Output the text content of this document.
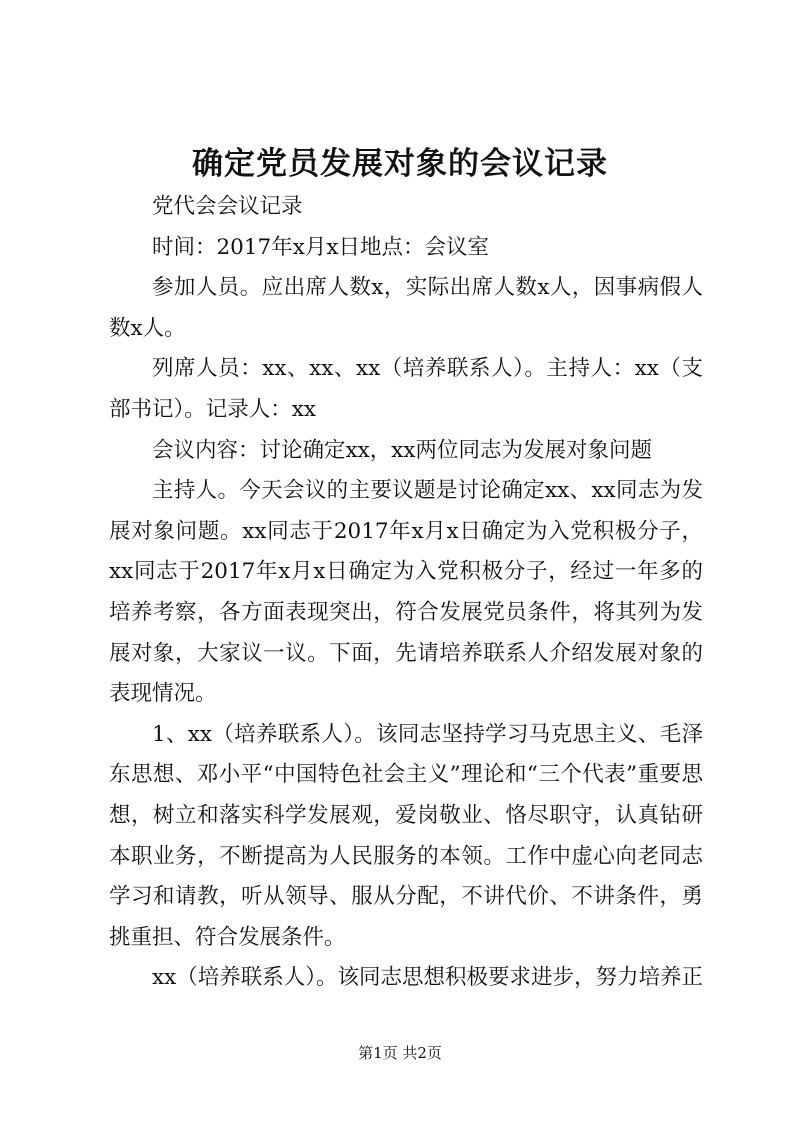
确定党员发展对象的会议记录

党代会会议记录

时间：2017年x月x日地点：会议室

参加人员。应出席人数x，实际出席人数x人，因事病假人数x人。

列席人员：xx、xx、xx（培养联系人）。主持人：xx（支部书记）。记录人：xx

会议内容：讨论确定xx，xx两位同志为发展对象问题

主持人。今天会议的主要议题是讨论确定xx、xx同志为发展对象问题。xx同志于2017年x月x日确定为入党积极分子，xx同志于2017年x月x日确定为入党积极分子，经过一年多的培养考察，各方面表现突出，符合发展党员条件，将其列为发展对象，大家议一议。下面，先请培养联系人介绍发展对象的表现情况。

1、xx（培养联系人）。该同志坚持学习马克思主义、毛泽东思想、邓小平“中国特色社会主义”理论和“三个代表”重要思想，树立和落实科学发展观，爱岗敬业、恪尽职守，认真钻研本职业务，不断提高为人民服务的本领。工作中虚心向老同志学习和请教，听从领导、服从分配，不讲代价、不讲条件，勇挑重担、符合发展条件。

xx（培养联系人）。该同志思想积极要求进步，努力培养正

第1页 共2页
